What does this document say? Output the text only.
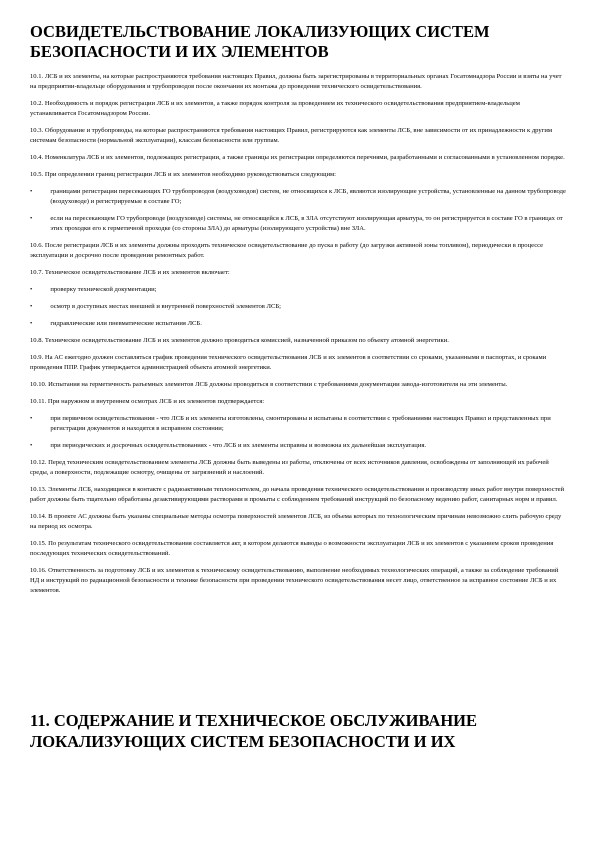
ОСВИДЕТЕЛЬСТВОВАНИЕ ЛОКАЛИЗУЮЩИХ СИСТЕМ БЕЗОПАСНОСТИ И ИХ ЭЛЕМЕНТОВ
11. СОДЕРЖАНИЕ И ТЕХНИЧЕСКОЕ ОБСЛУЖИВАНИЕ ЛОКАЛИЗУЮЩИХ СИСТЕМ БЕЗОПАСНОСТИ И ИХ

10.1. ЛСБ и их элементы, на которые распространяются требования настоящих Правил, должны быть зарегистрированы в территориальных органах Госатомнадзора России и взяты на учет на предприятии-владельце оборудования и трубопроводов после окончания их монтажа до проведения технического освидетельствования.

10.2. Необходимость и порядок регистрации ЛСБ и их элементов, а также порядок контроля за проведением их технического освидетельствования предприятием-владельцем устанавливается Госатомнадзором России.

10.3. Оборудование и трубопроводы, на которые распространяются требования настоящих Правил, регистрируются как элементы ЛСБ, вне зависимости от их принадлежности к другим системам безопасности (нормальной эксплуатации), классам безопасности или группам.

10.4. Номенклатура ЛСБ и их элементов, подлежащих регистрации, а также границы их регистрации определяются перечнями, разработанными и согласованными в установленном порядке.

10.5. При определении границ регистрации ЛСБ и их элементов необходимо руководствоваться следующим:

•	границами регистрации пересекающих ГО трубопроводов (воздуховодов) систем, не относящихся к ЛСБ, являются изолирующие устройства, установленные на данном трубопроводе (воздуховоде) и регистрируемые в составе ГО;

•	если на пересекающем ГО трубопроводе (воздуховоде) системы, не относящейся к ЛСБ, в ЗЛА отсутствуют изолирующая арматура, то он регистрируется в составе ГО в границах от этих проходки его к герметичной проходке (со стороны ЗЛА) до арматуры (изолирующего устройства) вне ЗЛА.

10.6. После регистрации ЛСБ и их элементы должны проходить техническое освидетельствование до пуска в работу (до загрузки активной зоны топливом), периодически в процессе эксплуатации и досрочно после проведения ремонтных работ.

10.7. Техническое освидетельствование ЛСБ и их элементов включает:

•	проверку технической документации;

•	осмотр в доступных местах внешней и внутренней поверхностей элементов ЛСБ;

•	гидравлические или пневматические испытания ЛСБ.

10.8. Техническое освидетельствование ЛСБ и их элементов должно проводиться комиссией, назначенной приказом по объекту атомной энергетики.

10.9. На АС ежегодно должен составляться график проведения технического освидетельствования ЛСБ и их элементов в соответствии со сроками, указанными в паспортах, и сроками проведения ППР. График утверждается администрацией объекта атомной энергетики.

10.10. Испытания на герметичность разъемных элементов ЛСБ должны проводиться в соответствии с требованиями документации завода-изготовителя на эти элементы.

10.11. При наружном и внутреннем осмотрах ЛСБ и их элементов подтверждается:

•	при первичном освидетельствовании - что ЛСБ и их элементы изготовлены, смонтированы и испытаны в соответствии с требованиями настоящих Правил и представленных при регистрации документов и находятся в исправном состоянии;

•	при периодических и досрочных освидетельствованиях - что ЛСБ и их элементы исправны и возможна их дальнейшая эксплуатация.

10.12. Перед техническим освидетельствованием элементы ЛСБ должны быть выведены из работы, отключены от всех источников давления, освобождены от заполняющей их рабочей среды, а поверхности, подлежащие осмотру, очищены от загрязнений и наслоений.

10.13. Элементы ЛСБ, находящиеся в контакте с радиоактивным теплоносителем, до начала проведения технического освидетельствования и производству иных работ внутри поверхностей работ должны быть тщательно обработаны дезактивирующими растворами и промыты с соблюдением требований инструкций по безопасному ведению работ, санитарных норм и правил.

10.14. В проекте АС должны быть указаны специальные методы осмотра поверхностей элементов ЛСБ, из объема которых по технологическим причинам невозможно слить рабочую среду на период их осмотра.

10.15. По результатам технического освидетельствования составляется акт, в котором делаются выводы о возможности эксплуатации ЛСБ и их элементов с указанием сроков проведения последующих технических освидетельствований.

10.16. Ответственность за подготовку ЛСБ и их элементов к техническому освидетельствованию, выполнение необходимых технологических операций, а также за соблюдение требований НД и инструкций по радиационной безопасности и технике безопасности при проведении технического освидетельствования несет лицо, ответственное за исправное состояние ЛСБ и их элементов.
